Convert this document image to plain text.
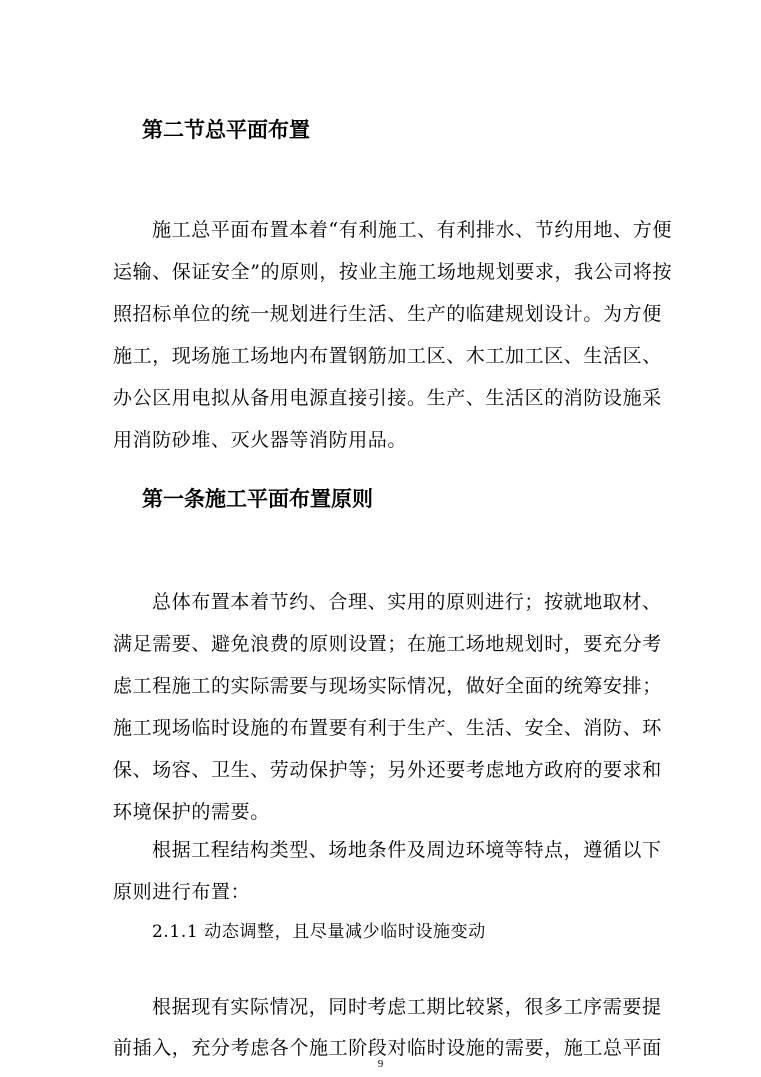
第二节总平面布置
施工总平面布置本着“有利施工、有利排水、节约用地、方便
运输、保证安全”的原则，按业主施工场地规划要求，我公司将按
照招标单位的统一规划进行生活、生产的临建规划设计。为方便
施工，现场施工场地内布置钢筋加工区、木工加工区、生活区、
办公区用电拟从备用电源直接引接。生产、生活区的消防设施采
用消防砂堆、灭火器等消防用品。
第一条施工平面布置原则
总体布置本着节约、合理、实用的原则进行；按就地取材、
满足需要、避免浪费的原则设置；在施工场地规划时，要充分考
虑工程施工的实际需要与现场实际情况，做好全面的统筹安排；
施工现场临时设施的布置要有利于生产、生活、安全、消防、环
保、场容、卫生、劳动保护等；另外还要考虑地方政府的要求和
环境保护的需要。
根据工程结构类型、场地条件及周边环境等特点，遵循以下
原则进行布置：
2.1.1 动态调整，且尽量减少临时设施变动
根据现有实际情况，同时考虑工期比较紧，很多工序需要提
前插入，充分考虑各个施工阶段对临时设施的需要，施工总平面
9
